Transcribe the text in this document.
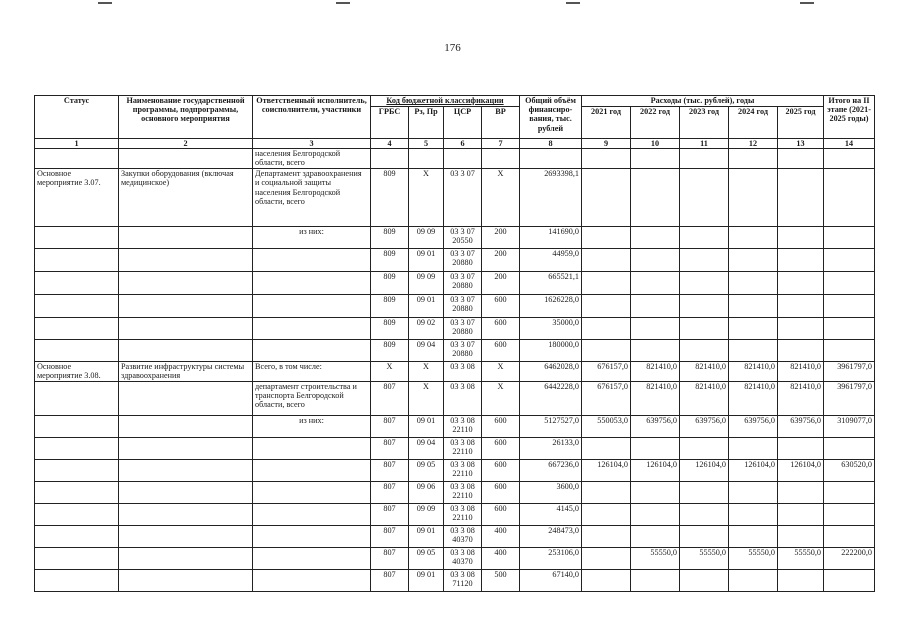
176
Статус	Наименование государственной программы, подпрограммы, основного мероприятия	Ответственный исполнитель, соисполнители, участники	Код бюджетной классификации				Общий объём финансиро-вания, тыс. рублей	Расходы (тыс. рублей), годы					Итого на II этапе (2021-2025 годы)
			ГРБС	Рз, Пр	ЦСР	ВР		2021 год	2022 год	2023 год	2024 год	2025 год	
1	2	3	4	5	6	7	8	9	10	11	12	13	14
		населения Белгородской области, всего											
Основное мероприятие 3.07.	Закупки оборудования (включая медицинское)	Департамент здравоохранения и социальной защиты населения Белгородской области, всего	809	X	03 3 07	X	2693398,1						
		из них:	809	09 09	03 3 07 20550	200	141690,0						
			809	09 01	03 3 07 20880	200	44959,0						
			809	09 09	03 3 07 20880	200	665521,1						
			809	09 01	03 3 07 20880	600	1626228,0						
			809	09 02	03 3 07 20880	600	35000,0						
			809	09 04	03 3 07 20880	600	180000,0						
Основное мероприятие 3.08.	Развитие инфраструктуры системы здравоохранения	Всего, в том числе:	X	X	03 3 08	X	6462028,0	676157,0	821410,0	821410,0	821410,0	821410,0	3961797,0
		департамент строительства и транспорта Белгородской области, всего	807	X	03 3 08	X	6442228,0	676157,0	821410,0	821410,0	821410,0	821410,0	3961797,0
		из них:	807	09 01	03 3 08 22110	600	5127527,0	550053,0	639756,0	639756,0	639756,0	639756,0	3109077,0
			807	09 04	03 3 08 22110	600	26133,0						
			807	09 05	03 3 08 22110	600	667236,0	126104,0	126104,0	126104,0	126104,0	126104,0	630520,0
			807	09 06	03 3 08 22110	600	3600,0						
			807	09 09	03 3 08 22110	600	4145,0						
			807	09 01	03 3 08 40370	400	248473,0						
			807	09 05	03 3 08 40370	400	253106,0		55550,0	55550,0	55550,0	55550,0	222200,0
			807	09 01	03 3 08 71120	500	67140,0						
